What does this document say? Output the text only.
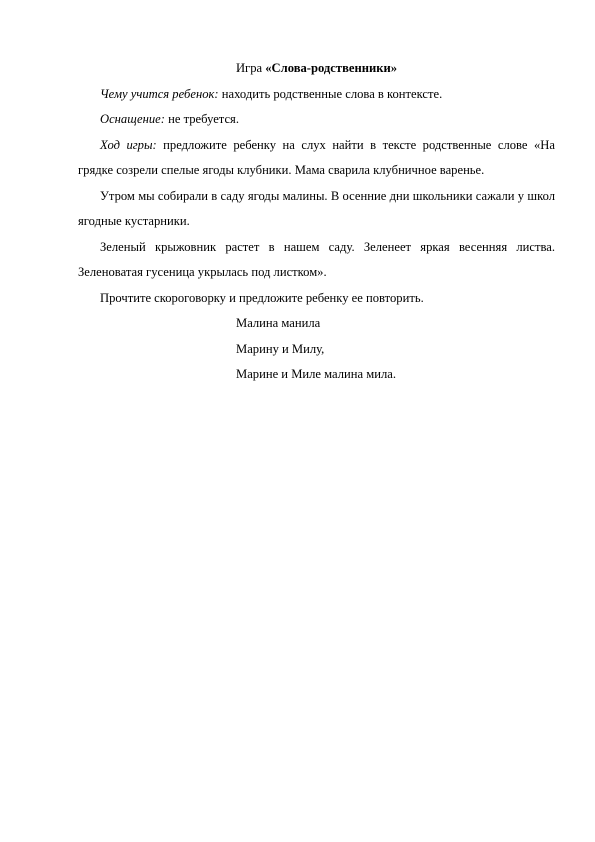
Игра «Слова-родственники»

Чему учится ребенок: находить родственные слова в контексте.

Оснащение: не требуется.

Ход игры: предложите ребенку на слух найти в тексте родственные слове «На грядке созрели спелые ягоды клубники. Мама сварила клубничное варенье.

Утром мы собирали в саду ягоды малины. В осенние дни школьники сажали у школ ягодные кустарники.

Зеленый крыжовник растет в нашем саду. Зеленеет яркая весенняя листва. Зеленоватая гусеница укрылась под листком».

Прочтите скороговорку и предложите ребенку ее повторить.

Малина манила

Марину и Милу,

Марине и Миле малина мила.
